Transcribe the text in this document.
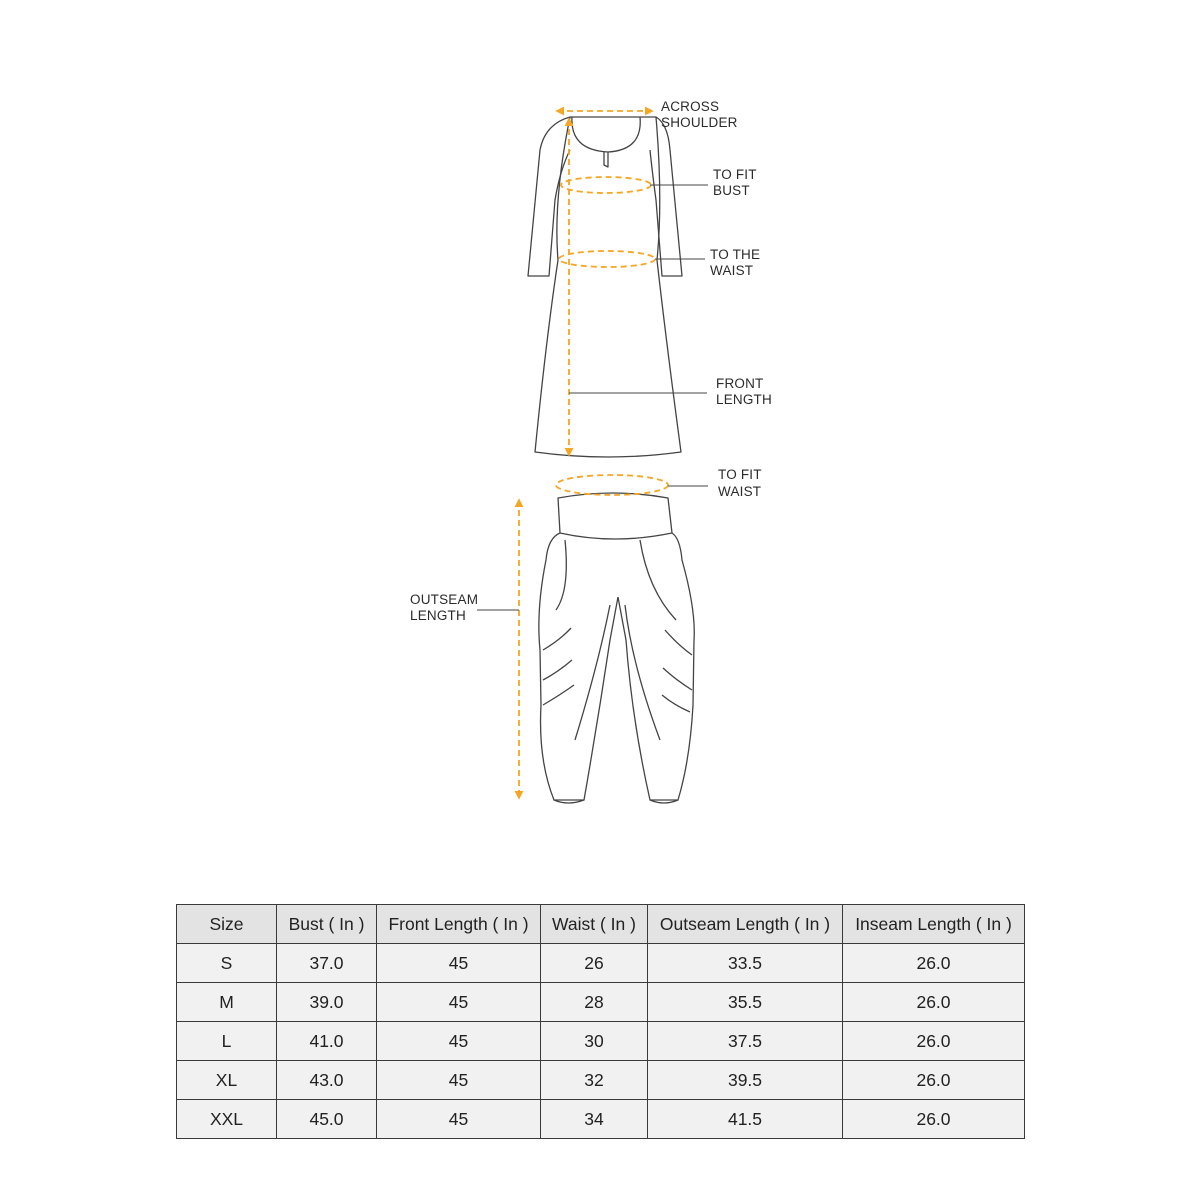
ACROSS SHOULDER
TO FIT BUST
TO THE WAIST
FRONT LENGTH
TO FIT WAIST
OUTSEAM LENGTH
Size	Bust ( In )	Front Length ( In )	Waist ( In )	Outseam Length ( In )	Inseam Length ( In )
S	37.0	45	26	33.5	26.0
M	39.0	45	28	35.5	26.0
L	41.0	45	30	37.5	26.0
XL	43.0	45	32	39.5	26.0
XXL	45.0	45	34	41.5	26.0
